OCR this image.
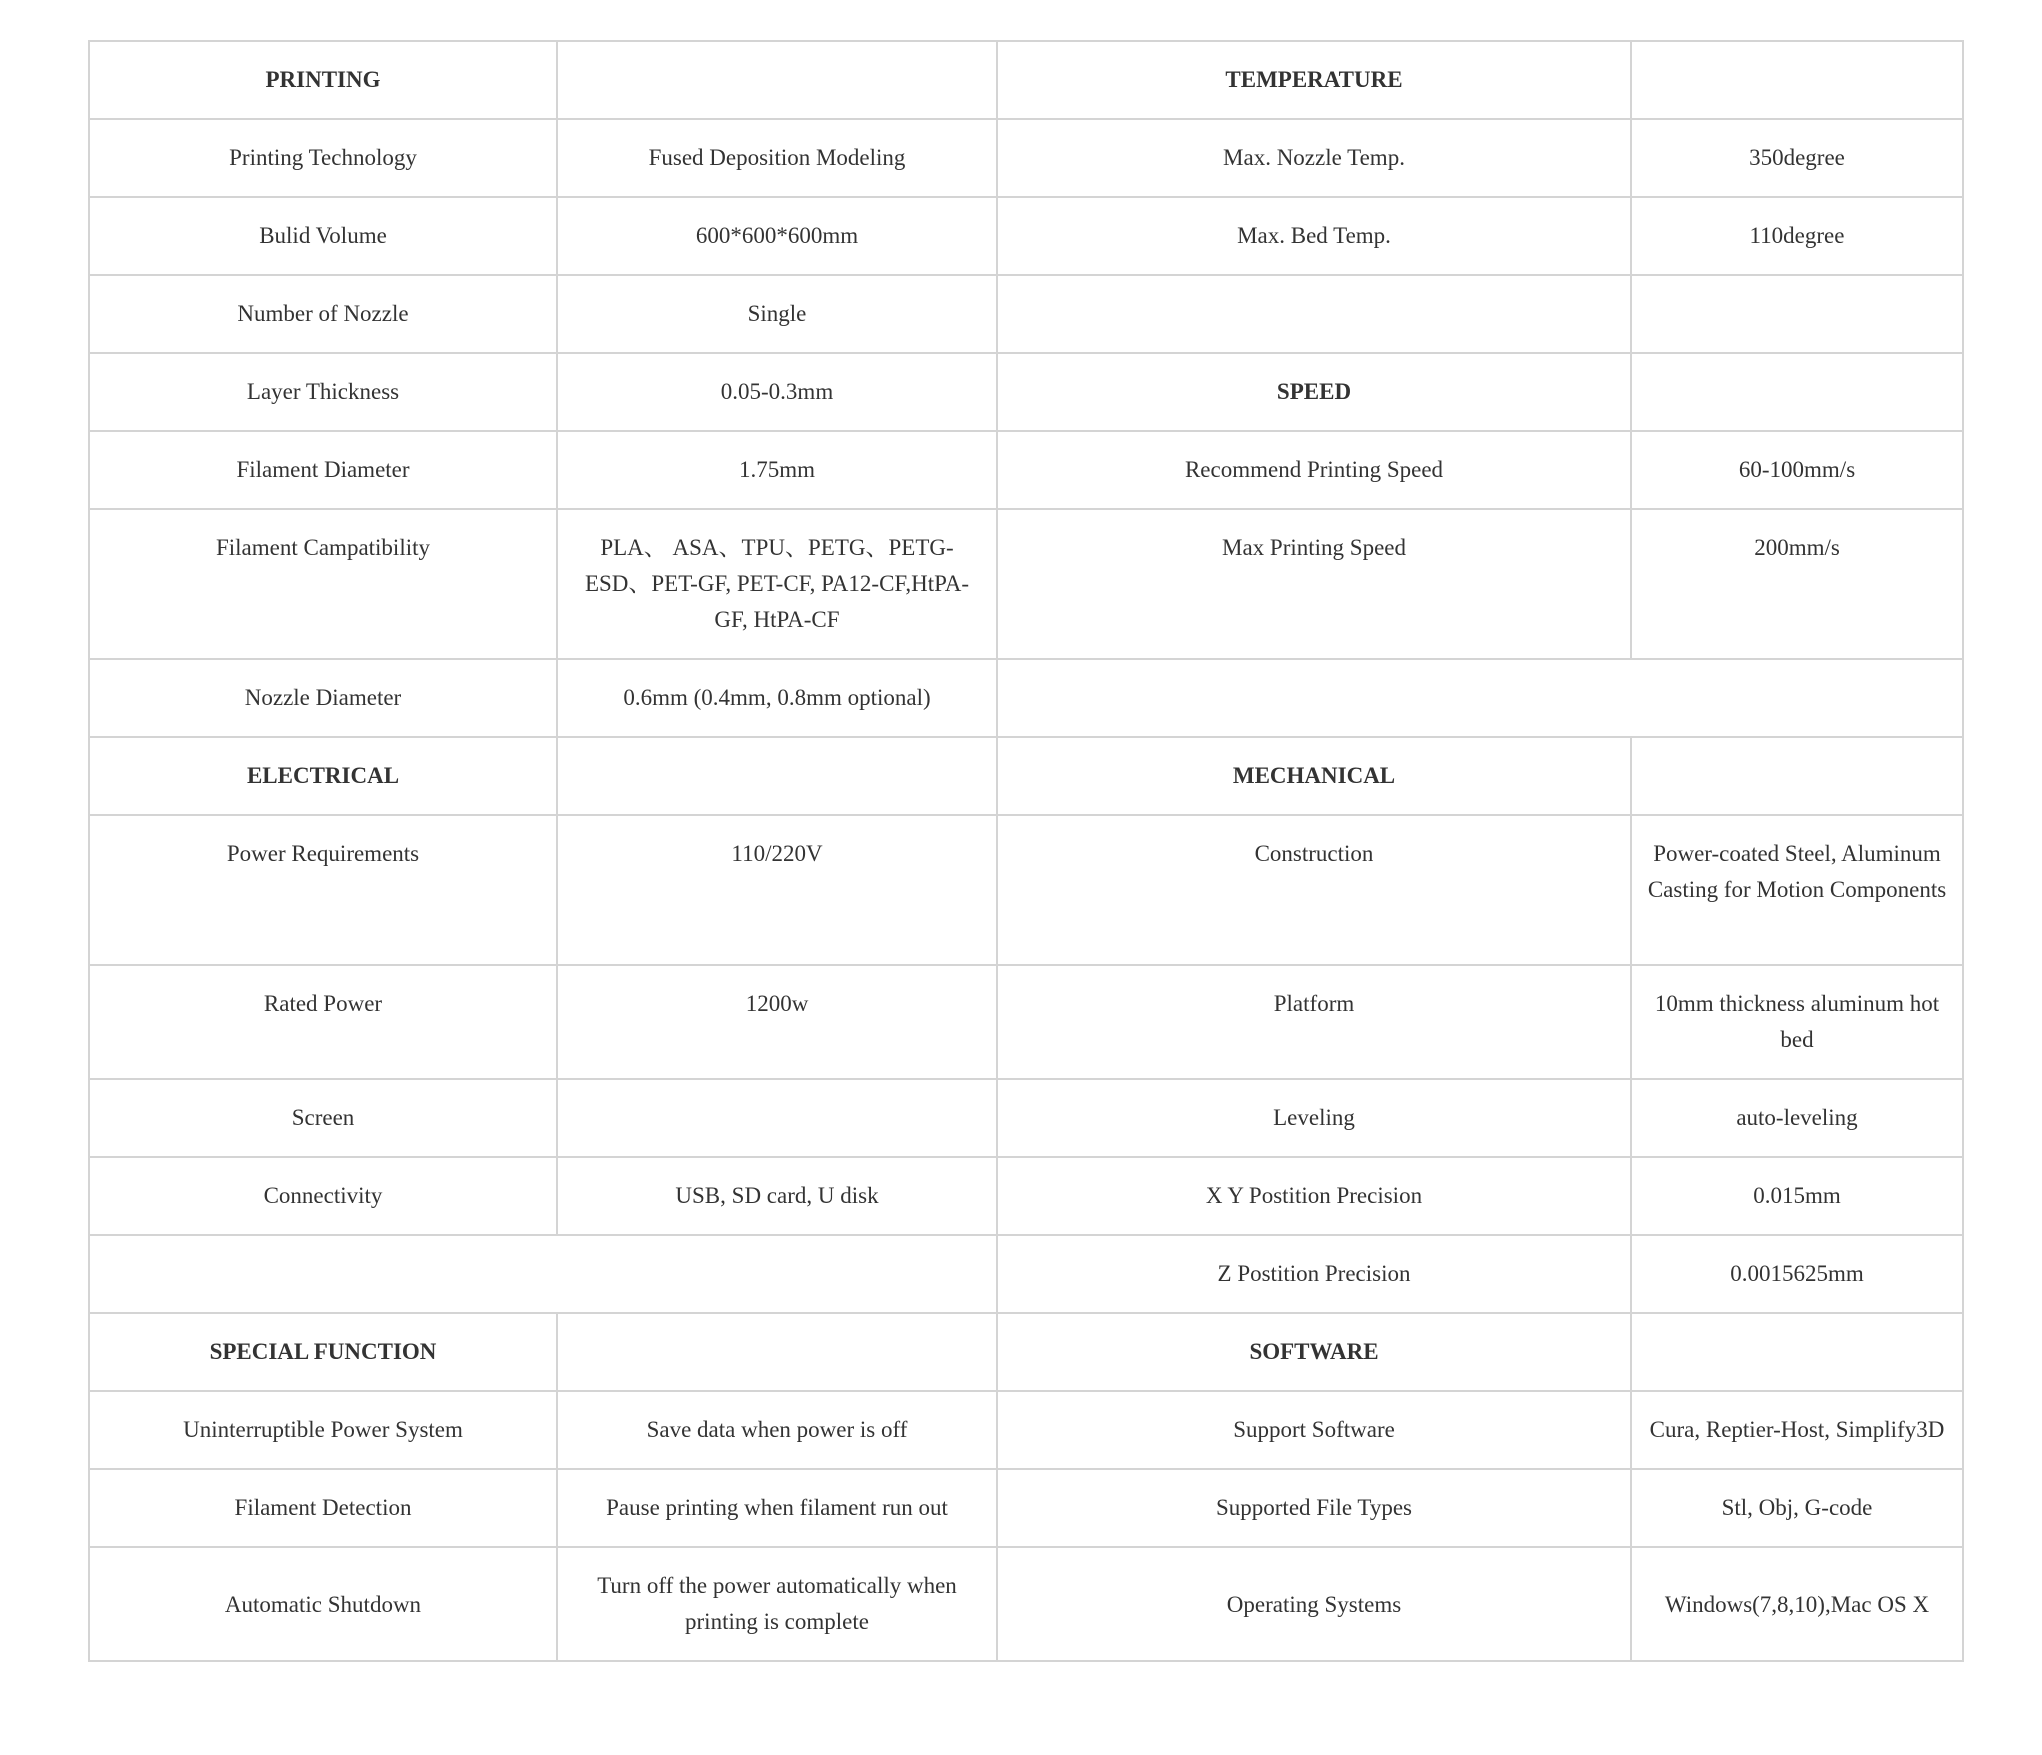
PRINTING		TEMPERATURE	
Printing Technology	Fused Deposition Modeling	Max. Nozzle Temp.	350degree
Bulid Volume	600*600*600mm	Max. Bed Temp.	110degree
Number of Nozzle	Single		
Layer Thickness	0.05-0.3mm	SPEED	
Filament Diameter	1.75mm	Recommend Printing Speed	60-100mm/s
Filament Campatibility	PLA、 ASA、TPU、PETG、PETG-ESD、PET-GF, PET-CF, PA12-CF,HtPA-GF, HtPA-CF	Max Printing Speed	200mm/s
Nozzle Diameter	0.6mm (0.4mm, 0.8mm optional)		
ELECTRICAL		MECHANICAL	
Power Requirements	110/220V	Construction	Power-coated Steel, Aluminum Casting for Motion Components
Rated Power	1200w	Platform	10mm thickness aluminum hot bed
Screen		Leveling	auto-leveling
Connectivity	USB, SD card, U disk	X Y Postition Precision	0.015mm
		Z Postition Precision	0.0015625mm
SPECIAL FUNCTION		SOFTWARE	
Uninterruptible Power System	Save data when power is off	Support Software	Cura, Reptier-Host, Simplify3D
Filament Detection	Pause printing when filament run out	Supported File Types	Stl, Obj, G-code
Automatic Shutdown	Turn off the power automatically when printing is complete	Operating Systems	Windows(7,8,10),Mac OS X
